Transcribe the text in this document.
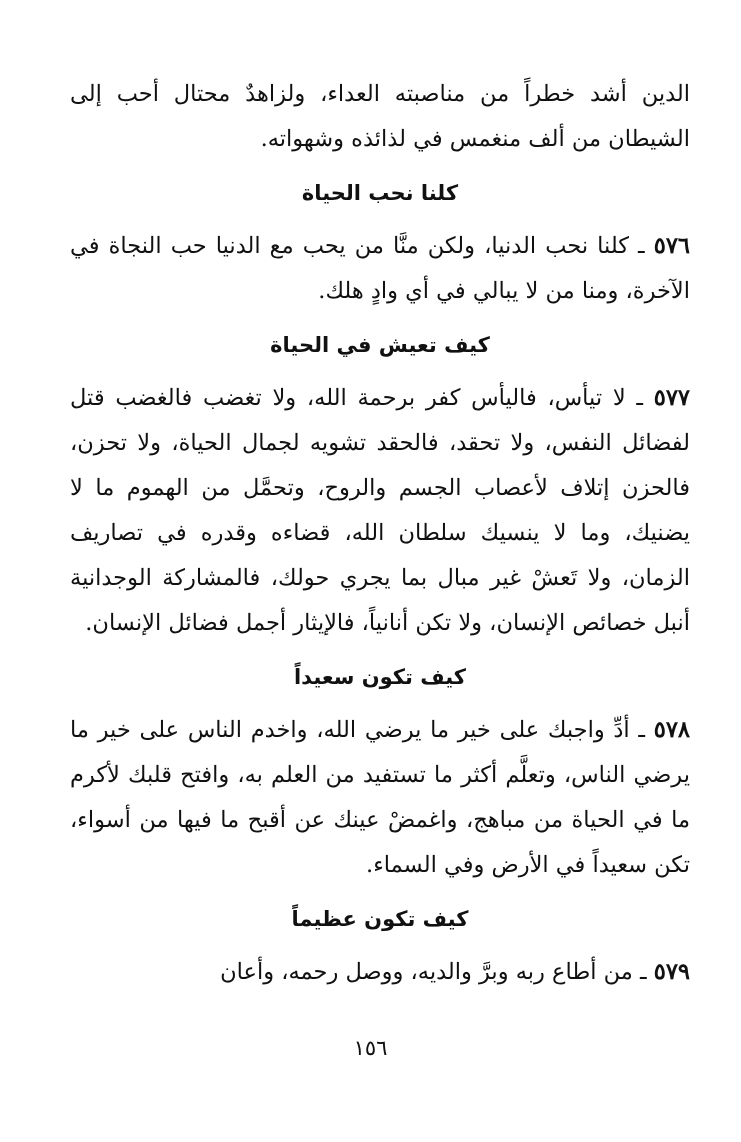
الدين أشد خطراً من مناصبته العداء، ولزاهدٌ محتال أحب إلى الشيطان من ألف منغمس في لذائذه وشهواته.

كلنا نحب الحياة

٥٧٦ ـ كلنا نحب الدنيا، ولكن منَّا من يحب مع الدنيا حب النجاة في الآخرة، ومنا من لا يبالي في أي وادٍ هلك.

كيف تعيش في الحياة

٥٧٧ ـ لا تيأس، فاليأس كفر برحمة الله، ولا تغضب فالغضب قتل لفضائل النفس، ولا تحقد، فالحقد تشويه لجمال الحياة، ولا تحزن، فالحزن إتلاف لأعصاب الجسم والروح، وتحمَّل من الهموم ما لا يضنيك، وما لا ينسيك سلطان الله، قضاءه وقدره في تصاريف الزمان، ولا تَعشْ غير مبال بما يجري حولك، فالمشاركة الوجدانية أنبل خصائص الإنسان، ولا تكن أنانياً، فالإيثار أجمل فضائل الإنسان.

كيف تكون سعيداً

٥٧٨ ـ أدِّ واجبك على خير ما يرضي الله، واخدم الناس على خير ما يرضي الناس، وتعلَّم أكثر ما تستفيد من العلم به، وافتح قلبك لأكرم ما في الحياة من مباهج، واغمضْ عينك عن أقبح ما فيها من أسواء، تكن سعيداً في الأرض وفي السماء.

كيف تكون عظيماً

٥٧٩ ـ من أطاع ربه وبرَّ والديه، ووصل رحمه، وأعان

١٥٦
